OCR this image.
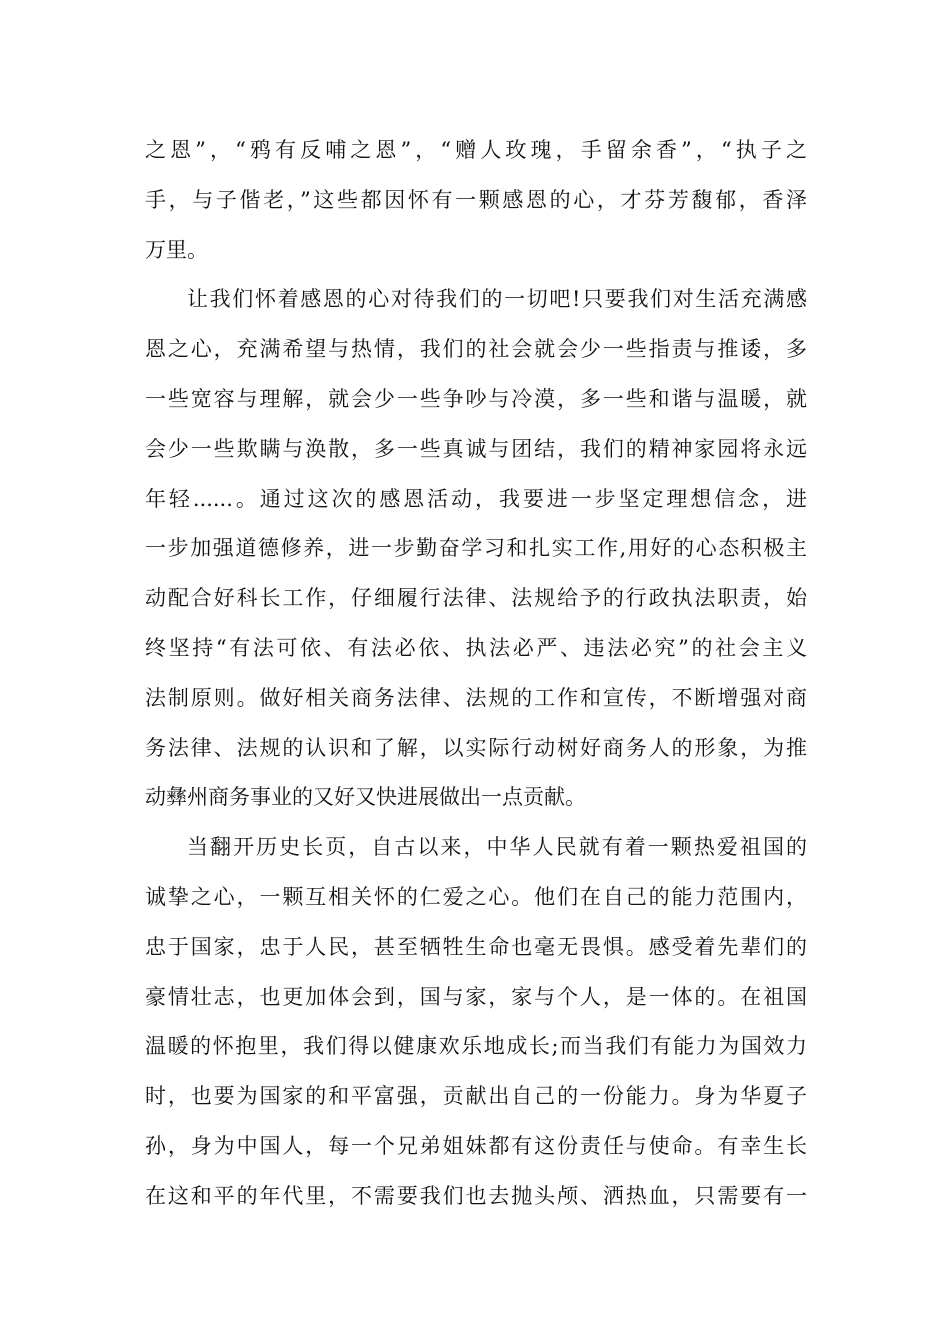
之恩”，“鸦有反哺之恩”，“赠人玫瑰，手留余香”，“执子之
手，与子偕老，”这些都因怀有一颗感恩的心，才芬芳馥郁，香泽
万里。
让我们怀着感恩的心对待我们的一切吧!只要我们对生活充满感
恩之心，充满希望与热情，我们的社会就会少一些指责与推诿，多
一些宽容与理解，就会少一些争吵与冷漠，多一些和谐与温暖，就
会少一些欺瞒与涣散，多一些真诚与团结，我们的精神家园将永远
年轻......。通过这次的感恩活动，我要进一步坚定理想信念，进
一步加强道德修养，进一步勤奋学习和扎实工作,用好的心态积极主
动配合好科长工作，仔细履行法律、法规给予的行政执法职责，始
终坚持“有法可依、有法必依、执法必严、违法必究”的社会主义
法制原则。做好相关商务法律、法规的工作和宣传，不断增强对商
务法律、法规的认识和了解，以实际行动树好商务人的形象，为推
动彝州商务事业的又好又快进展做出一点贡献。
当翻开历史长页，自古以来，中华人民就有着一颗热爱祖国的
诚挚之心，一颗互相关怀的仁爱之心。他们在自己的能力范围内，
忠于国家，忠于人民，甚至牺牲生命也毫无畏惧。感受着先辈们的
豪情壮志，也更加体会到，国与家，家与个人，是一体的。在祖国
温暖的怀抱里，我们得以健康欢乐地成长;而当我们有能力为国效力
时，也要为国家的和平富强，贡献出自己的一份能力。身为华夏子
孙，身为中国人，每一个兄弟姐妹都有这份责任与使命。有幸生长
在这和平的年代里，不需要我们也去抛头颅、洒热血，只需要有一
